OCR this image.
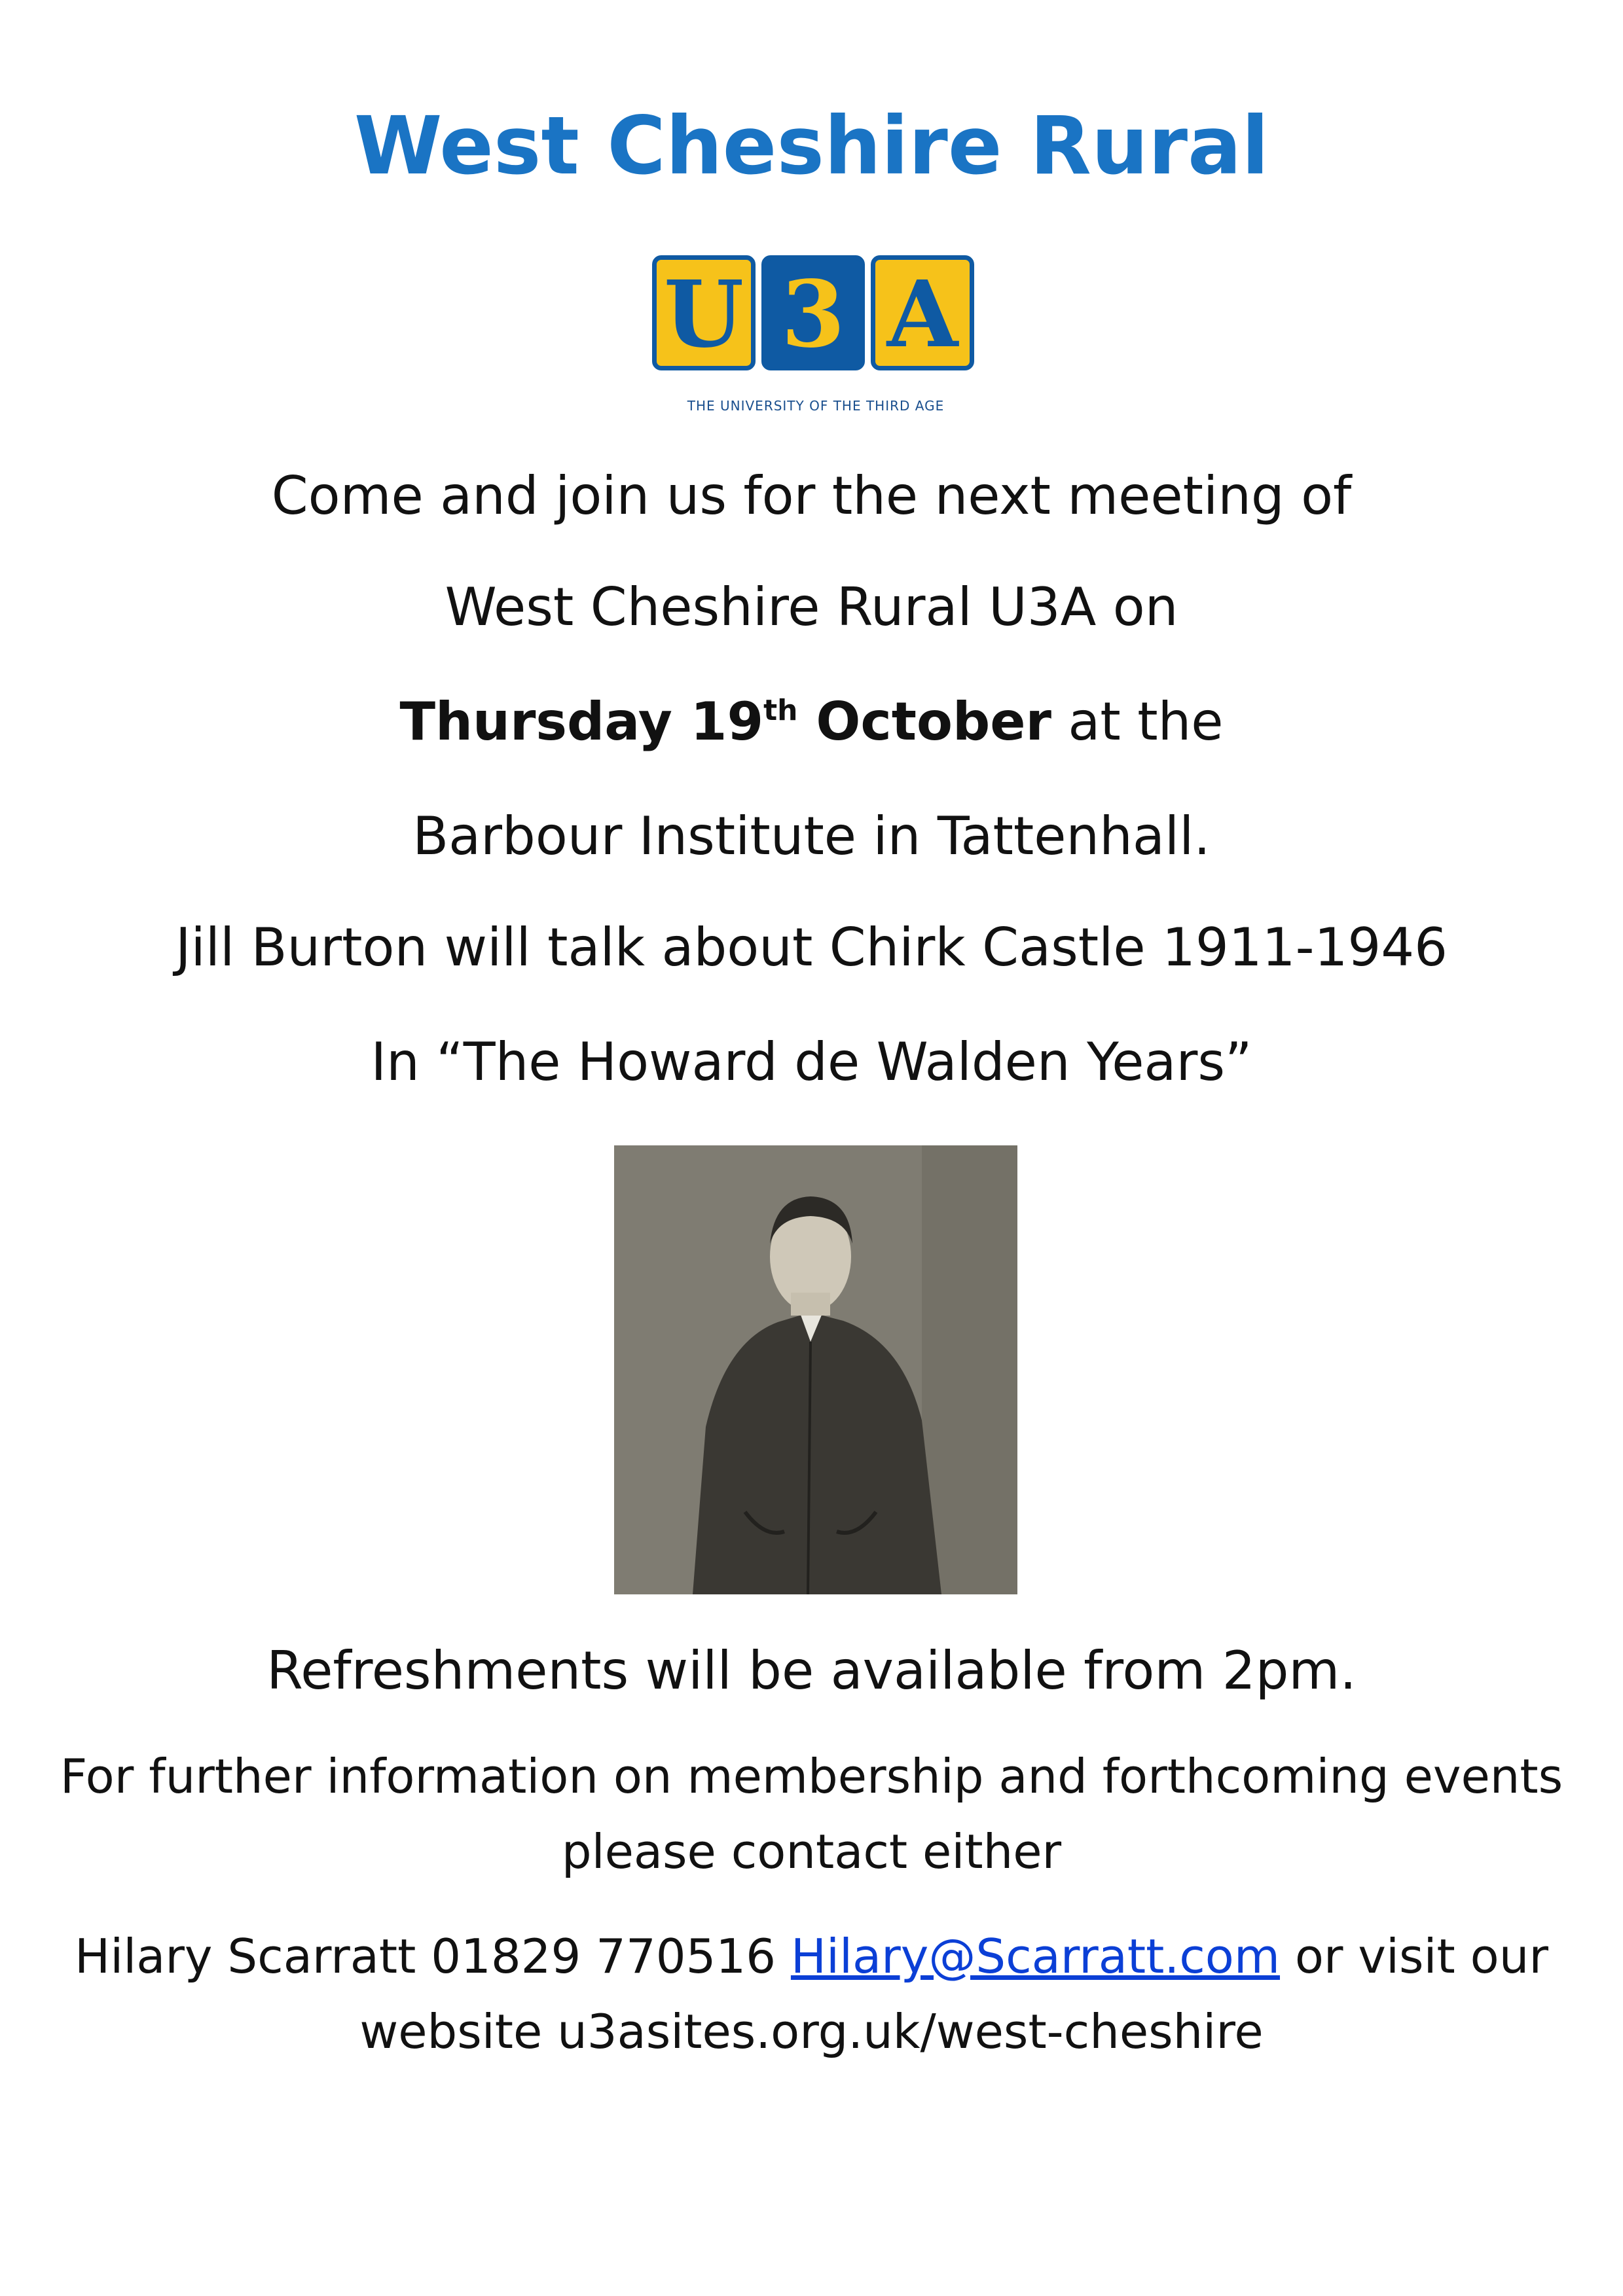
West Cheshire Rural
U 3 A
THE UNIVERSITY OF THE THIRD AGE
Come and join us for the next meeting of
West Cheshire Rural U3A on
Thursday 19th October at the
Barbour Institute in Tattenhall.
Jill Burton will talk about Chirk Castle 1911-1946
In “The Howard de Walden Years”
Refreshments will be available from 2pm.
For further information on membership and forthcoming events
please contact either
Hilary Scarratt 01829 770516 Hilary@Scarratt.com or visit our
website u3asites.org.uk/west-cheshire
